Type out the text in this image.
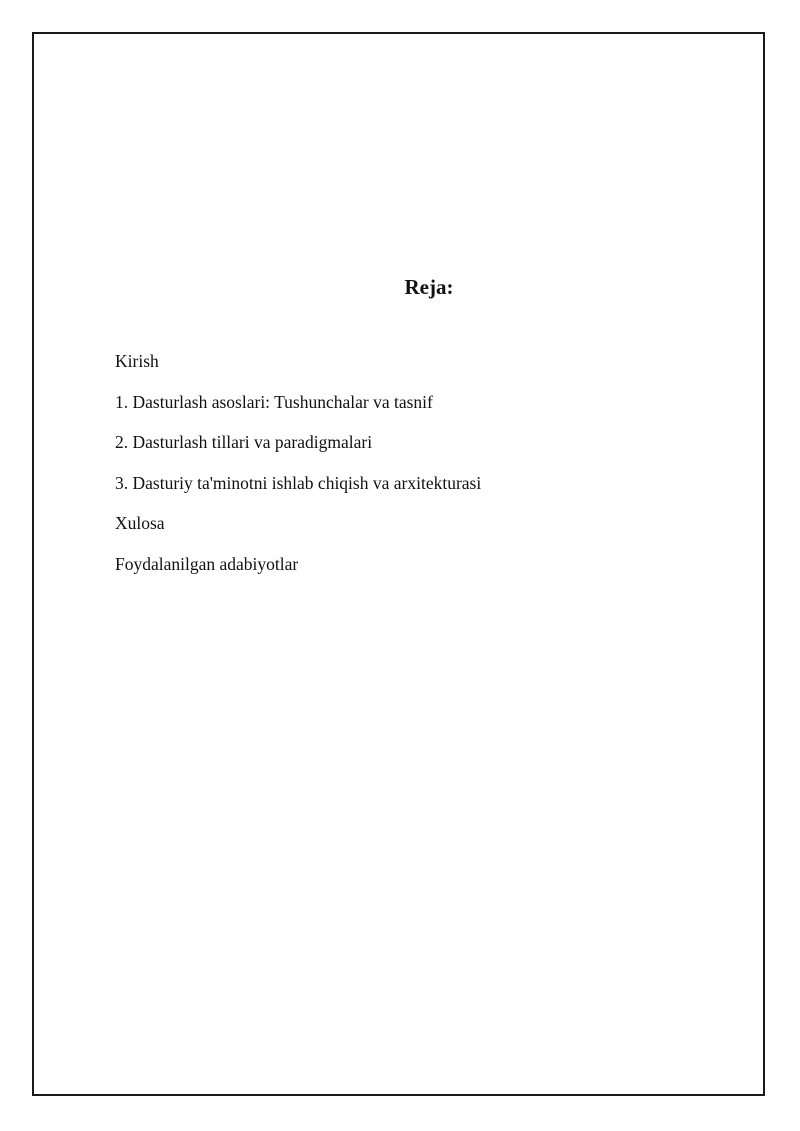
Reja:
Kirish
1. Dasturlash asoslari: Tushunchalar va tasnif
2. Dasturlash tillari va paradigmalari
3. Dasturiy ta'minotni ishlab chiqish va arxitekturasi
Xulosa
Foydalanilgan adabiyotlar
